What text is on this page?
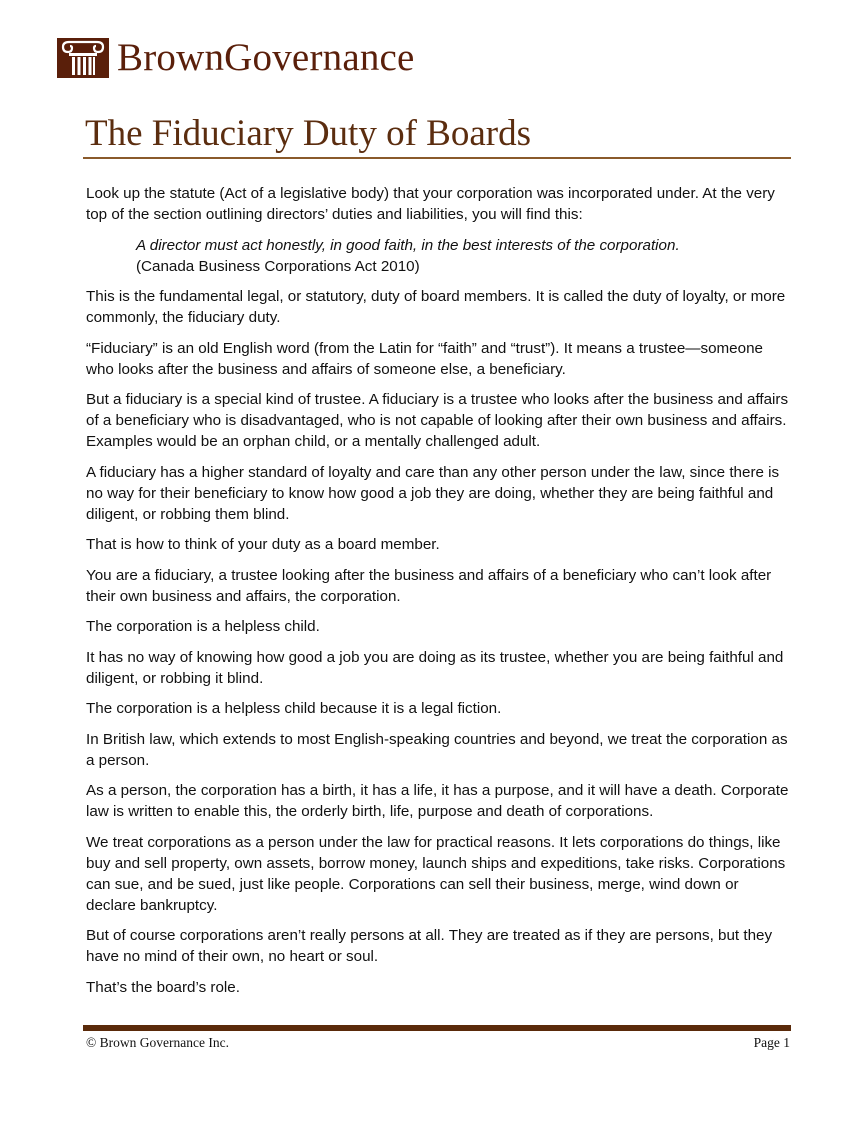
BrownGovernance
The Fiduciary Duty of Boards

Look up the statute (Act of a legislative body) that your corporation was incorporated under. At the very top of the section outlining directors’ duties and liabilities, you will find this:

A director must act honestly, in good faith, in the best interests of the corporation.
(Canada Business Corporations Act 2010)

This is the fundamental legal, or statutory, duty of board members. It is called the duty of loyalty, or more commonly, the fiduciary duty.

“Fiduciary” is an old English word (from the Latin for “faith” and “trust”). It means a trustee—someone who looks after the business and affairs of someone else, a beneficiary.

But a fiduciary is a special kind of trustee. A fiduciary is a trustee who looks after the business and affairs of a beneficiary who is disadvantaged, who is not capable of looking after their own business and affairs. Examples would be an orphan child, or a mentally challenged adult.

A fiduciary has a higher standard of loyalty and care than any other person under the law, since there is no way for their beneficiary to know how good a job they are doing, whether they are being faithful and diligent, or robbing them blind.

That is how to think of your duty as a board member.

You are a fiduciary, a trustee looking after the business and affairs of a beneficiary who can’t look after their own business and affairs, the corporation.

The corporation is a helpless child.

It has no way of knowing how good a job you are doing as its trustee, whether you are being faithful and diligent, or robbing it blind.

The corporation is a helpless child because it is a legal fiction.

In British law, which extends to most English-speaking countries and beyond, we treat the corporation as a person.

As a person, the corporation has a birth, it has a life, it has a purpose, and it will have a death. Corporate law is written to enable this, the orderly birth, life, purpose and death of corporations.

We treat corporations as a person under the law for practical reasons. It lets corporations do things, like buy and sell property, own assets, borrow money, launch ships and expeditions, take risks. Corporations can sue, and be sued, just like people. Corporations can sell their business, merge, wind down or declare bankruptcy.

But of course corporations aren’t really persons at all. They are treated as if they are persons, but they have no mind of their own, no heart or soul.

That’s the board’s role.

© Brown Governance Inc.	Page 1
